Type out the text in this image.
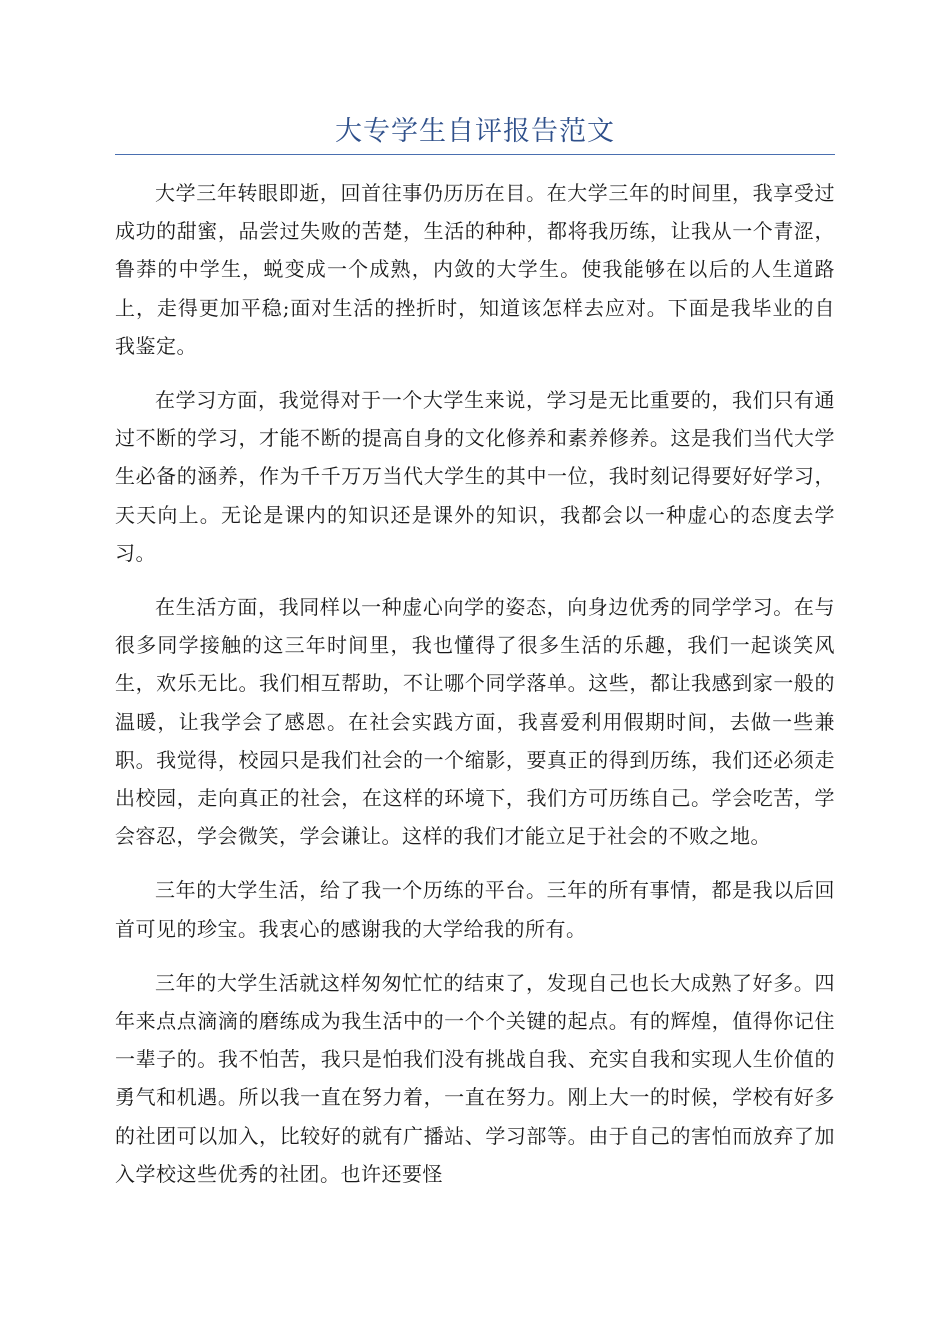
大专学生自评报告范文

大学三年转眼即逝，回首往事仍历历在目。在大学三年的时间里，我享受过成功的甜蜜，品尝过失败的苦楚，生活的种种，都将我历练，让我从一个青涩，鲁莽的中学生，蜕变成一个成熟，内敛的大学生。使我能够在以后的人生道路上，走得更加平稳;面对生活的挫折时，知道该怎样去应对。下面是我毕业的自我鉴定。

在学习方面，我觉得对于一个大学生来说，学习是无比重要的，我们只有通过不断的学习，才能不断的提高自身的文化修养和素养修养。这是我们当代大学生必备的涵养，作为千千万万当代大学生的其中一位，我时刻记得要好好学习，天天向上。无论是课内的知识还是课外的知识，我都会以一种虚心的态度去学习。

在生活方面，我同样以一种虚心向学的姿态，向身边优秀的同学学习。在与很多同学接触的这三年时间里，我也懂得了很多生活的乐趣，我们一起谈笑风生，欢乐无比。我们相互帮助，不让哪个同学落单。这些，都让我感到家一般的温暖，让我学会了感恩。在社会实践方面，我喜爱利用假期时间，去做一些兼职。我觉得，校园只是我们社会的一个缩影，要真正的得到历练，我们还必须走出校园，走向真正的社会，在这样的环境下，我们方可历练自己。学会吃苦，学会容忍，学会微笑，学会谦让。这样的我们才能立足于社会的不败之地。

三年的大学生活，给了我一个历练的平台。三年的所有事情，都是我以后回首可见的珍宝。我衷心的感谢我的大学给我的所有。

三年的大学生活就这样匆匆忙忙的结束了，发现自己也长大成熟了好多。四年来点点滴滴的磨练成为我生活中的一个个关键的起点。有的辉煌，值得你记住一辈子的。我不怕苦，我只是怕我们没有挑战自我、充实自我和实现人生价值的勇气和机遇。所以我一直在努力着，一直在努力。刚上大一的时候，学校有好多的社团可以加入，比较好的就有广播站、学习部等。由于自己的害怕而放弃了加入学校这些优秀的社团。也许还要怪
